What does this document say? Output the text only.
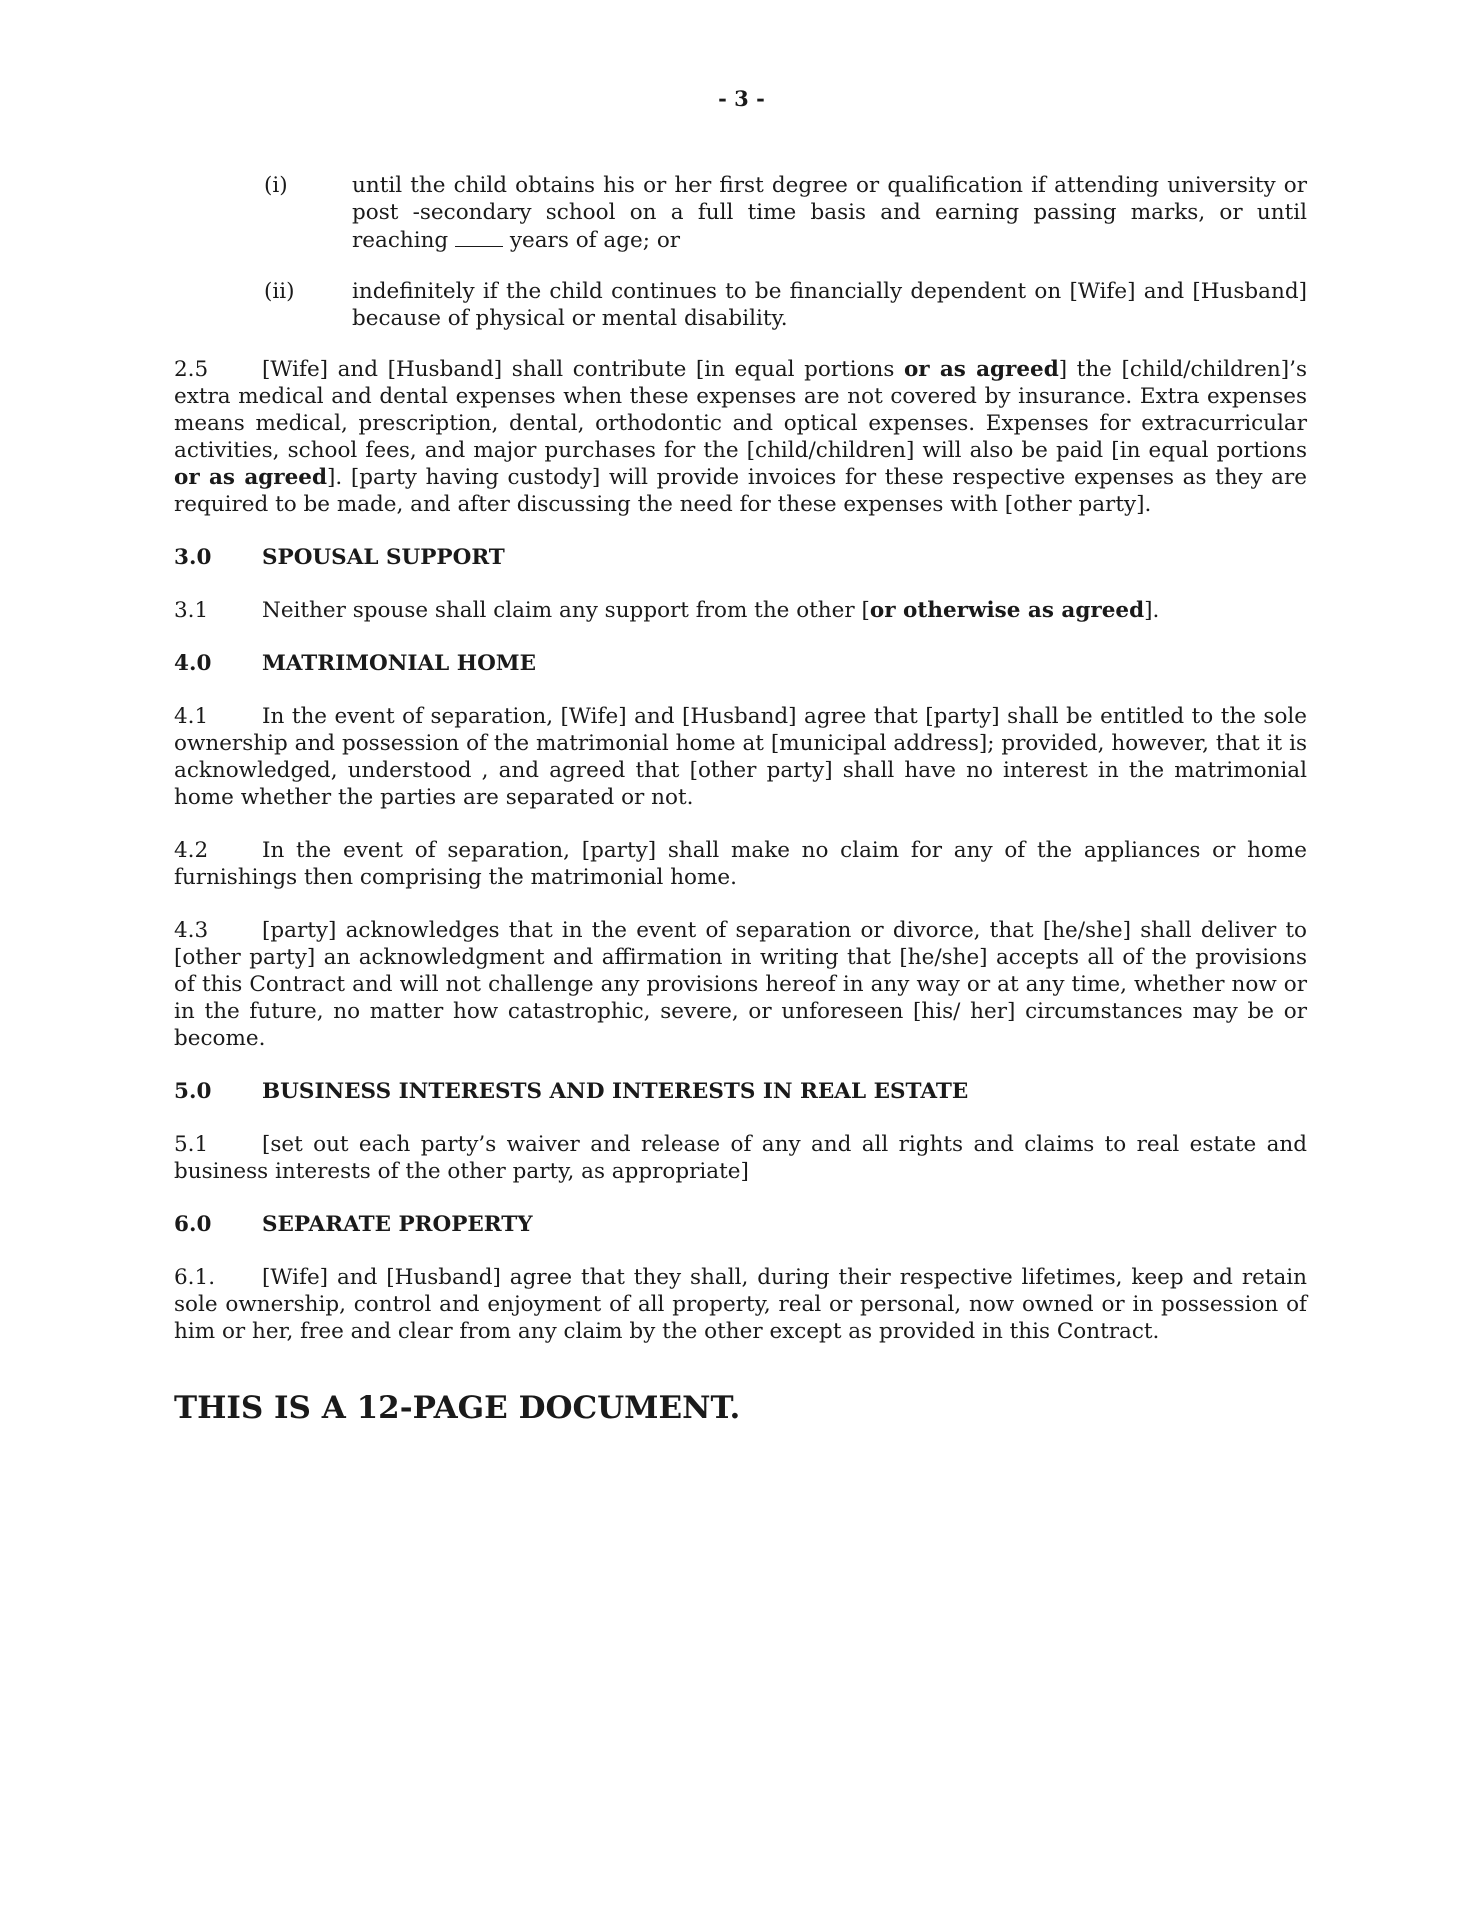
- 3 -
(i)	until the child obtains his or her first degree or qualification if attending university or post -secondary school on a full time basis and earning passing marks, or until reaching  years of age; or
(ii)	indefinitely if the child continues to be financially dependent on [Wife] and [Husband] because of physical or mental disability.

2.5	[Wife] and [Husband] shall contribute [in equal portions or as agreed] the [child/children]’s extra medical and dental expenses when these expenses are not covered by insurance. Extra expenses means medical, prescription, dental, orthodontic and optical expenses. Expenses for extracurricular activities, school fees, and major purchases for the [child/children] will also be paid [in equal portions or as agreed]. [party having custody] will provide invoices for these respective expenses as they are required to be made, and after discussing the need for these expenses with [other party].

3.0 SPOUSAL SUPPORT

3.1	Neither spouse shall claim any support from the other [or otherwise as agreed].

4.0 MATRIMONIAL HOME

4.1	In the event of separation, [Wife] and [Husband] agree that [party] shall be entitled to the sole ownership and possession of the matrimonial home at [municipal address]; provided, however, that it is acknowledged, understood , and agreed that [other party] shall have no interest in the matrimonial home whether the parties are separated or not.

4.2	In the event of separation, [party] shall make no claim for any of the appliances or home furnishings then comprising the matrimonial home.

4.3	[party] acknowledges that in the event of separation or divorce, that [he/she] shall deliver to [other party] an acknowledgment and affirmation in writing that [he/she] accepts all of the provisions of this Contract and will not challenge any provisions hereof in any way or at any time, whether now or in the future, no matter how catastrophic, severe, or unforeseen [his/ her] circumstances may be or become.

5.0 BUSINESS INTERESTS AND INTERESTS IN REAL ESTATE

5.1	[set out each party’s waiver and release of any and all rights and claims to real estate and business interests of the other party, as appropriate]

6.0 SEPARATE PROPERTY

6.1. [Wife] and [Husband] agree that they shall, during their respective lifetimes, keep and retain sole ownership, control and enjoyment of all property, real or personal, now owned or in possession of him or her, free and clear from any claim by the other except as provided in this Contract.

THIS IS A 12-PAGE DOCUMENT.
